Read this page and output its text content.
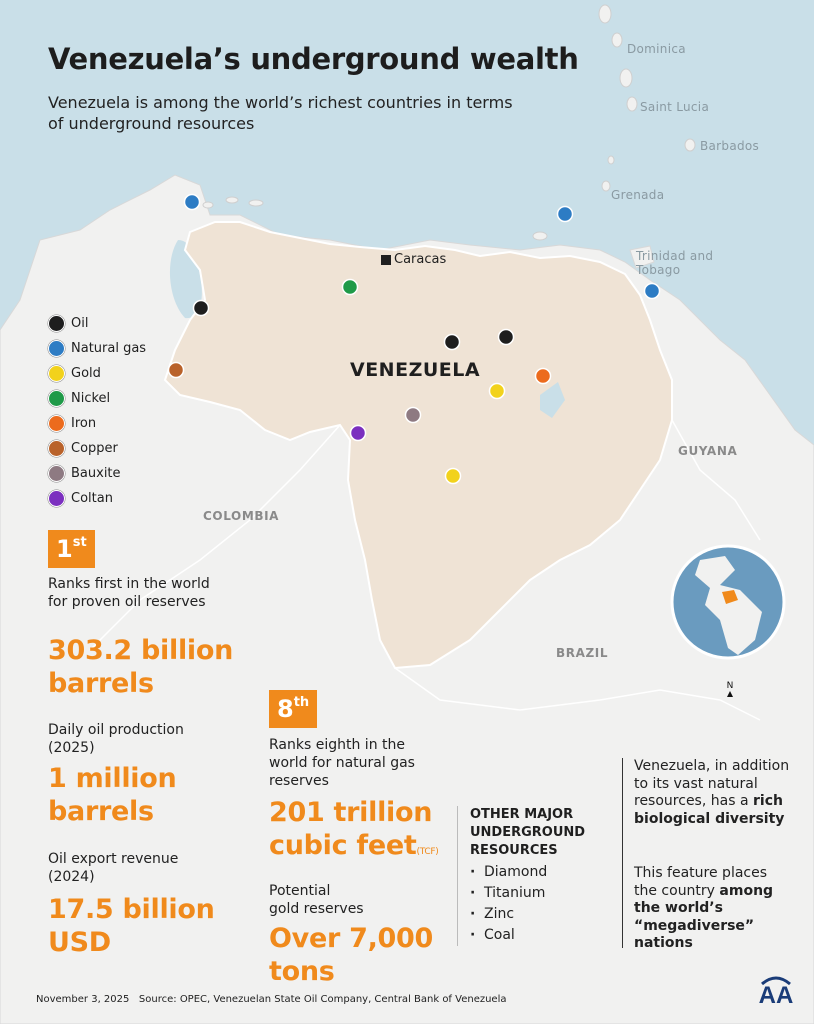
Venezuela’s underground wealth
Venezuela is among the world’s richest countries in terms of underground resources
Oil
Natural gas
Gold
Nickel
Iron
Copper
Bauxite
Coltan
VENEZUELA
Caracas
COLOMBIA
BRAZIL
GUYANA
Dominica
Saint Lucia
Barbados
Grenada
Trinidad and Tobago
N
1st
Ranks first in the world for proven oil reserves
303.2 billion
barrels
Daily oil production
(2025)
1 million
barrels
Oil export revenue
(2024)
17.5 billion
USD
8th
Ranks eighth in the world for natural gas reserves
201 trillion
cubic feet(TCF)
Potential
gold reserves
Over 7,000
tons
OTHER MAJOR
UNDERGROUND
RESOURCES
· Diamond
· Titanium
· Zinc
· Coal
Venezuela, in addition to its vast natural resources, has a rich biological diversity
This feature places the country among the world’s “megadiverse” nations
November 3, 2025 Source: OPEC, Venezuelan State Oil Company, Central Bank of Venezuela	AA
